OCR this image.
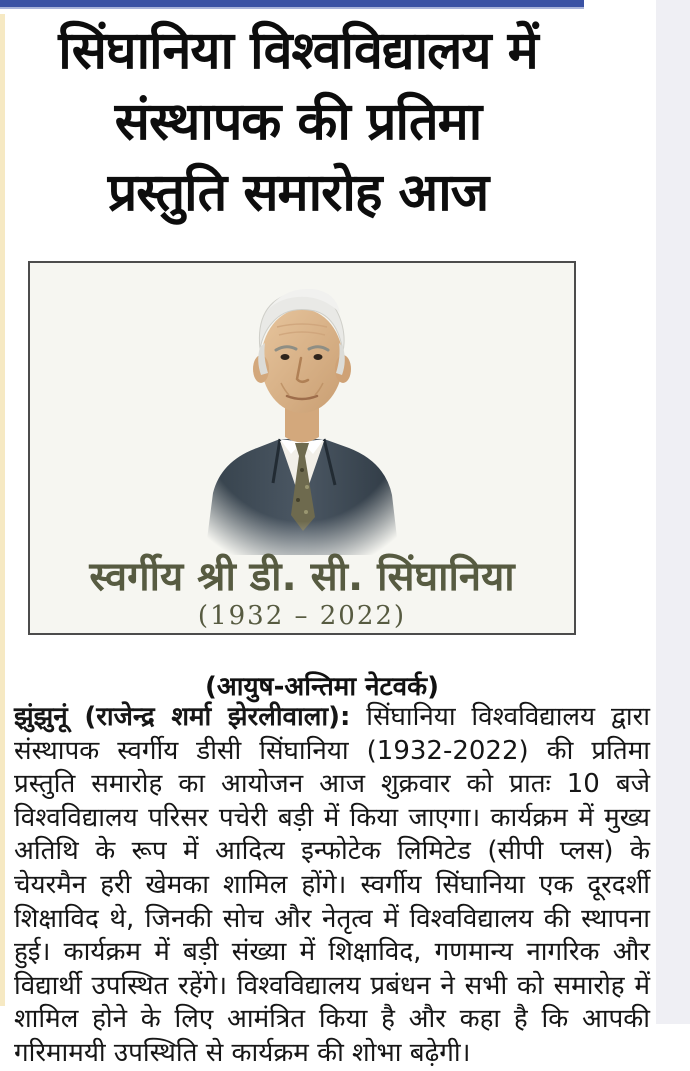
सिंघानिया विश्वविद्यालय में
संस्थापक की प्रतिमा
प्रस्तुति समारोह आज
स्वर्गीय श्री डी. सी. सिंघानिया
(1932 – 2022)
(आयुष-अन्तिमा नेटवर्क)

झुंझुनूं (राजेन्द्र शर्मा झेरलीवाला): सिंघानिया विश्वविद्यालय द्वारा संस्थापक स्वर्गीय डीसी सिंघानिया (1932-2022) की प्रतिमा प्रस्तुति समारोह का आयोजन आज शुक्रवार को प्रातः 10 बजे विश्वविद्यालय परिसर पचेरी बड़ी में किया जाएगा। कार्यक्रम में मुख्य अतिथि के रूप में आदित्य इन्फोटेक लिमिटेड (सीपी प्लस) के चेयरमैन हरी खेमका शामिल होंगे। स्वर्गीय सिंघानिया एक दूरदर्शी शिक्षाविद थे, जिनकी सोच और नेतृत्व में विश्वविद्यालय की स्थापना हुई। कार्यक्रम में बड़ी संख्या में शिक्षाविद, गणमान्य नागरिक और विद्यार्थी उपस्थित रहेंगे। विश्वविद्यालय प्रबंधन ने सभी को समारोह में शामिल होने के लिए आमंत्रित किया है और कहा है कि आपकी गरिमामयी उपस्थिति से कार्यक्रम की शोभा बढ़ेगी।
